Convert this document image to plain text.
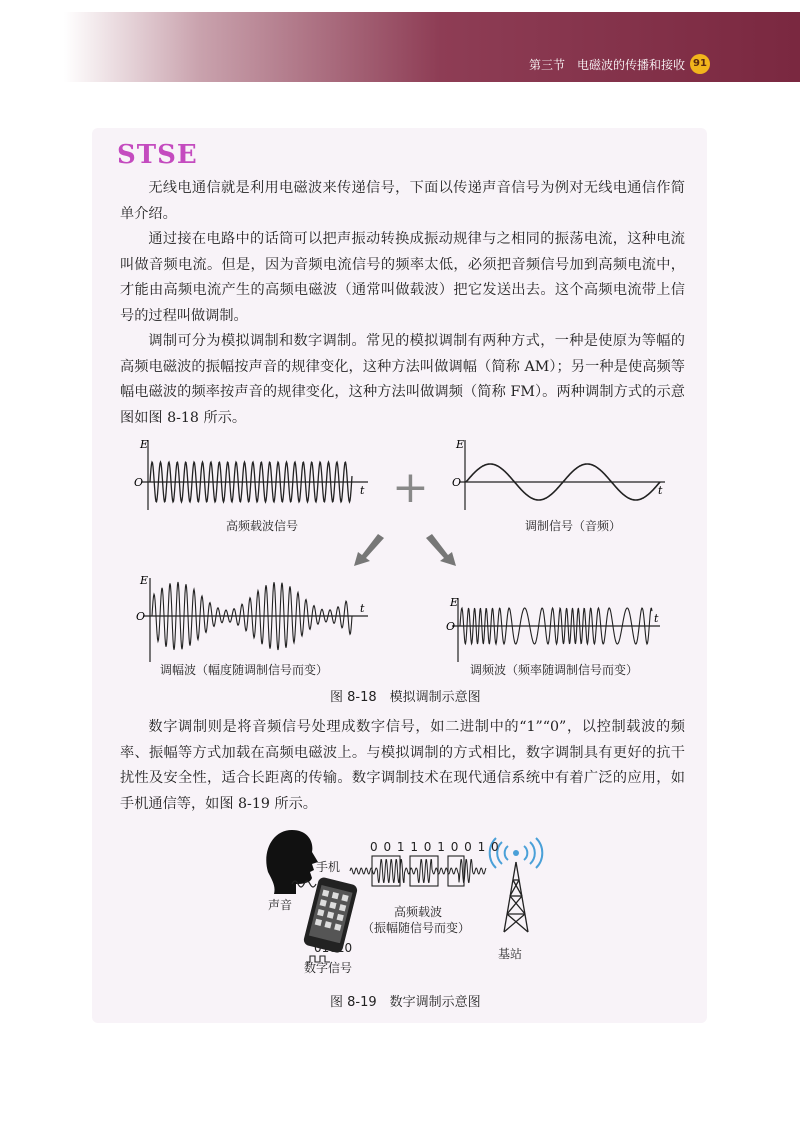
第三节　电磁波的传播和接收 91
STSE

无线电通信就是利用电磁波来传递信号，下面以传递声音信号为例对无线电通信作简单介绍。

通过接在电路中的话筒可以把声振动转换成振动规律与之相同的振荡电流，这种电流叫做音频电流。但是，因为音频电流信号的频率太低，必须把音频信号加到高频电流中，才能由高频电流产生的高频电磁波（通常叫做载波）把它发送出去。这个高频电流带上信号的过程叫做调制。

调制可分为模拟调制和数字调制。常见的模拟调制有两种方式，一种是使原为等幅的高频电磁波的振幅按声音的规律变化，这种方法叫做调幅（简称 AM）；另一种是使高频等幅电磁波的频率按声音的规律变化，这种方法叫做调频（简称 FM）。两种调制方式的示意图如图 8-18 所示。

E
O
t
E
O
t
E
O
t	E
O
t
+
高频载波信号	调制信号（音频）
调幅波（幅度随调制信号而变）	调频波（频率随调制信号而变）
图 8-18　模拟调制示意图

数字调制则是将音频信号处理成数字信号，如二进制中的“1”“0”，以控制载波的频率、振幅等方式加载在高频电磁波上。与模拟调制的方式相比，数字调制具有更好的抗干扰性及安全性，适合长距离的传输。数字调制技术在现代通信系统中有着广泛的应用，如手机通信等，如图 8-19 所示。

0 0 1 1 0 1 0 0 1 0
手机
声音
01010
数字信号
高频载波
（振幅随信号而变）
基站
图 8-19　数字调制示意图
